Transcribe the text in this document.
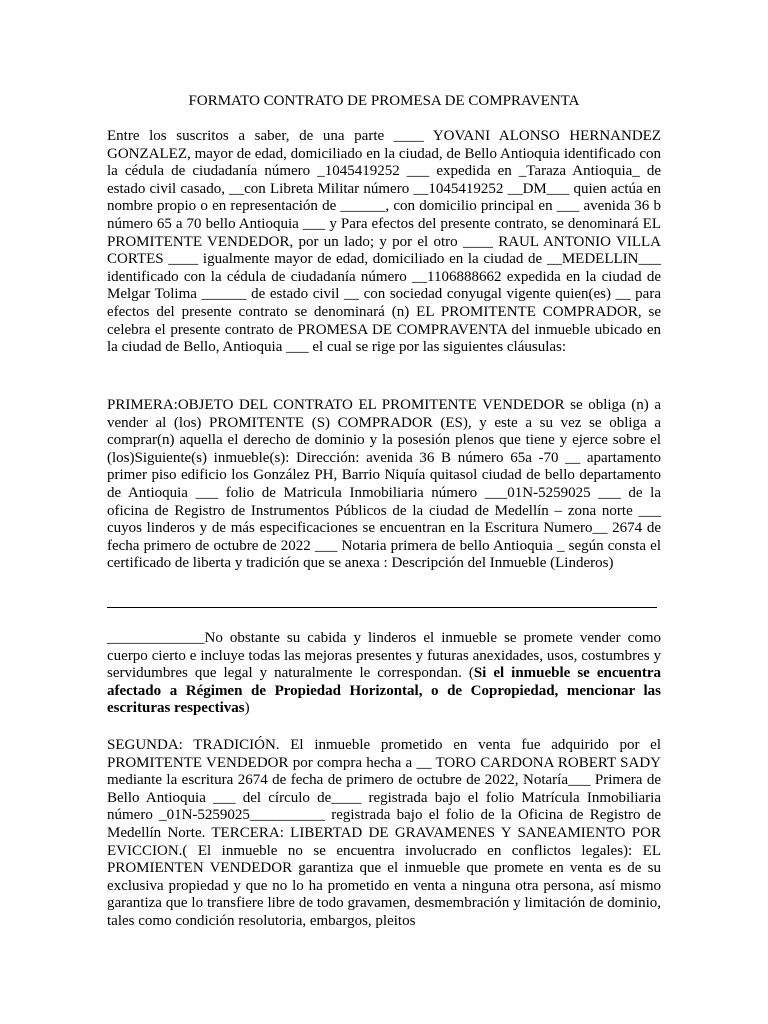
FORMATO CONTRATO DE PROMESA DE COMPRAVENTA

Entre los suscritos a saber, de una parte ____ YOVANI ALONSO HERNANDEZ GONZALEZ, mayor de edad, domiciliado en la ciudad, de Bello Antioquia identificado con la cédula de ciudadanía número _1045419252 ___ expedida en _Taraza Antioquia_ de estado civil casado, __con Libreta Militar número __1045419252 __DM___ quien actúa en nombre propio o en representación de ______, con domicilio principal en ___ avenida 36 b número 65 a 70 bello Antioquia ___ y Para efectos del presente contrato, se denominará EL PROMITENTE VENDEDOR, por un lado; y por el otro ____ RAUL ANTONIO VILLA CORTES ____ igualmente mayor de edad, domiciliado en la ciudad de __MEDELLIN___ identificado con la cédula de ciudadanía número __1106888662 expedida en la ciudad de Melgar Tolima ______ de estado civil __ con sociedad conyugal vigente quien(es) __ para efectos del presente contrato se denominará (n) EL PROMITENTE COMPRADOR, se celebra el presente contrato de PROMESA DE COMPRAVENTA del inmueble ubicado en la ciudad de Bello, Antioquia ___ el cual se rige por las siguientes cláusulas:

PRIMERA:OBJETO DEL CONTRATO EL PROMITENTE VENDEDOR se obliga (n) a vender al (los) PROMITENTE (S) COMPRADOR (ES), y este a su vez se obliga a comprar(n) aquella el derecho de dominio y la posesión plenos que tiene y ejerce sobre el (los)Siguiente(s) inmueble(s): Dirección: avenida 36 B número 65a -70 __ apartamento primer piso edificio los González PH, Barrio Niquía quitasol ciudad de bello departamento de Antioquia ___ folio de Matricula Inmobiliaria número ___01N-5259025 ___ de la oficina de Registro de Instrumentos Públicos de la ciudad de Medellín – zona norte ___ cuyos linderos y de más especificaciones se encuentran en la Escritura Numero__ 2674 de fecha primero de octubre de 2022 ___ Notaria primera de bello Antioquia _ según consta el certificado de liberta y tradición que se anexa : Descripción del Inmueble (Linderos)

_____________No obstante su cabida y linderos el inmueble se promete vender como cuerpo cierto e incluye todas las mejoras presentes y futuras anexidades, usos, costumbres y servidumbres que legal y naturalmente le correspondan. (Si el inmueble se encuentra afectado a Régimen de Propiedad Horizontal, o de Copropiedad, mencionar las escrituras respectivas)

SEGUNDA: TRADICIÓN. El inmueble prometido en venta fue adquirido por el PROMITENTE VENDEDOR por compra hecha a __ TORO CARDONA ROBERT SADY mediante la escritura 2674 de fecha de primero de octubre de 2022, Notaría___ Primera de Bello Antioquia ___ del círculo de____ registrada bajo el folio Matrícula Inmobiliaria número _01N-5259025__________ registrada bajo el folio de la Oficina de Registro de Medellín Norte. TERCERA: LIBERTAD DE GRAVAMENES Y SANEAMIENTO POR EVICCION.( El inmueble no se encuentra involucrado en conflictos legales): EL PROMIENTEN VENDEDOR garantiza que el inmueble que promete en venta es de su exclusiva propiedad y que no lo ha prometido en venta a ninguna otra persona, así mismo garantiza que lo transfiere libre de todo gravamen, desmembración y limitación de dominio, tales como condición resolutoria, embargos, pleitos
